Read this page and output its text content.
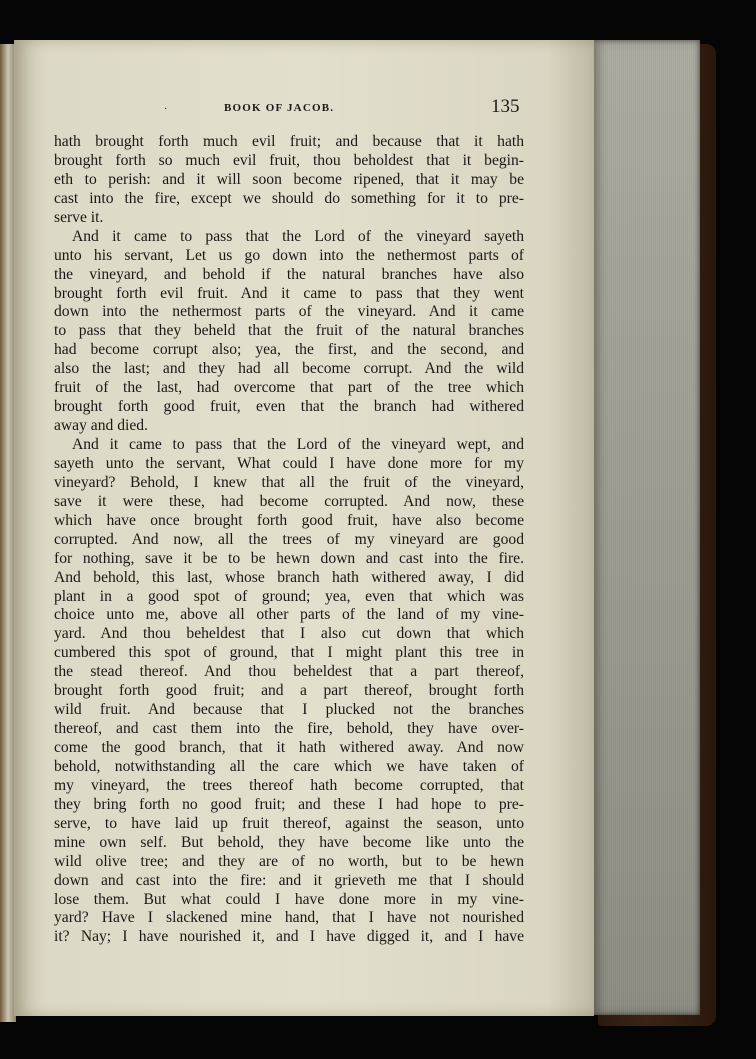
·	BOOK OF JACOB.	135
hath brought forth much evil fruit; and because that it hath
brought forth so much evil fruit, thou beholdest that it begin-
eth to perish: and it will soon become ripened, that it may be
cast into the fire, except we should do something for it to pre-
serve it.
And it came to pass that the Lord of the vineyard sayeth
unto his servant, Let us go down into the nethermost parts of
the vineyard, and behold if the natural branches have also
brought forth evil fruit. And it came to pass that they went
down into the nethermost parts of the vineyard. And it came
to pass that they beheld that the fruit of the natural branches
had become corrupt also; yea, the first, and the second, and
also the last; and they had all become corrupt. And the wild
fruit of the last, had overcome that part of the tree which
brought forth good fruit, even that the branch had withered
away and died.
And it came to pass that the Lord of the vineyard wept, and
sayeth unto the servant, What could I have done more for my
vineyard? Behold, I knew that all the fruit of the vineyard,
save it were these, had become corrupted. And now, these
which have once brought forth good fruit, have also become
corrupted. And now, all the trees of my vineyard are good
for nothing, save it be to be hewn down and cast into the fire.
And behold, this last, whose branch hath withered away, I did
plant in a good spot of ground; yea, even that which was
choice unto me, above all other parts of the land of my vine-
yard. And thou beheldest that I also cut down that which
cumbered this spot of ground, that I might plant this tree in
the stead thereof. And thou beheldest that a part thereof,
brought forth good fruit; and a part thereof, brought forth
wild fruit. And because that I plucked not the branches
thereof, and cast them into the fire, behold, they have over-
come the good branch, that it hath withered away. And now
behold, notwithstanding all the care which we have taken of
my vineyard, the trees thereof hath become corrupted, that
they bring forth no good fruit; and these I had hope to pre-
serve, to have laid up fruit thereof, against the season, unto
mine own self. But behold, they have become like unto the
wild olive tree; and they are of no worth, but to be hewn
down and cast into the fire: and it grieveth me that I should
lose them. But what could I have done more in my vine-
yard? Have I slackened mine hand, that I have not nourished
it? Nay; I have nourished it, and I have digged it, and I have
